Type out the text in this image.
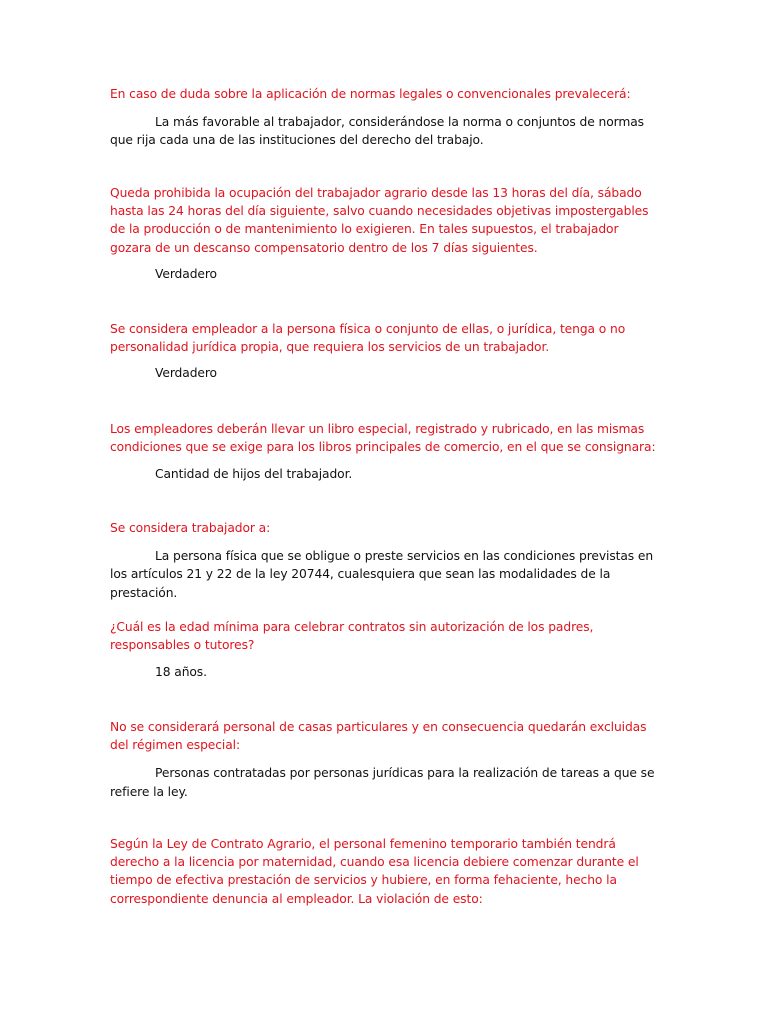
En caso de duda sobre la aplicación de normas legales o convencionales prevalecerá:

La más favorable al trabajador, considerándose la norma o conjuntos de normas que rija cada una de las instituciones del derecho del trabajo.

Queda prohibida la ocupación del trabajador agrario desde las 13 horas del día, sábado hasta las 24 horas del día siguiente, salvo cuando necesidades objetivas impostergables de la producción o de mantenimiento lo exigieren. En tales supuestos, el trabajador gozara de un descanso compensatorio dentro de los 7 días siguientes.

Verdadero

Se considera empleador a la persona física o conjunto de ellas, o jurídica, tenga o no personalidad jurídica propia, que requiera los servicios de un trabajador.

Verdadero

Los empleadores deberán llevar un libro especial, registrado y rubricado, en las mismas condiciones que se exige para los libros principales de comercio, en el que se consignara:

Cantidad de hijos del trabajador.

Se considera trabajador a:

La persona física que se obligue o preste servicios en las condiciones previstas en los artículos 21 y 22 de la ley 20744, cualesquiera que sean las modalidades de la prestación.

¿Cuál es la edad mínima para celebrar contratos sin autorización de los padres, responsables o tutores?

18 años.

No se considerará personal de casas particulares y en consecuencia quedarán excluidas del régimen especial:

Personas contratadas por personas jurídicas para la realización de tareas a que se refiere la ley.

Según la Ley de Contrato Agrario, el personal femenino temporario también tendrá derecho a la licencia por maternidad, cuando esa licencia debiere comenzar durante el tiempo de efectiva prestación de servicios y hubiere, en forma fehaciente, hecho la correspondiente denuncia al empleador. La violación de esto:
